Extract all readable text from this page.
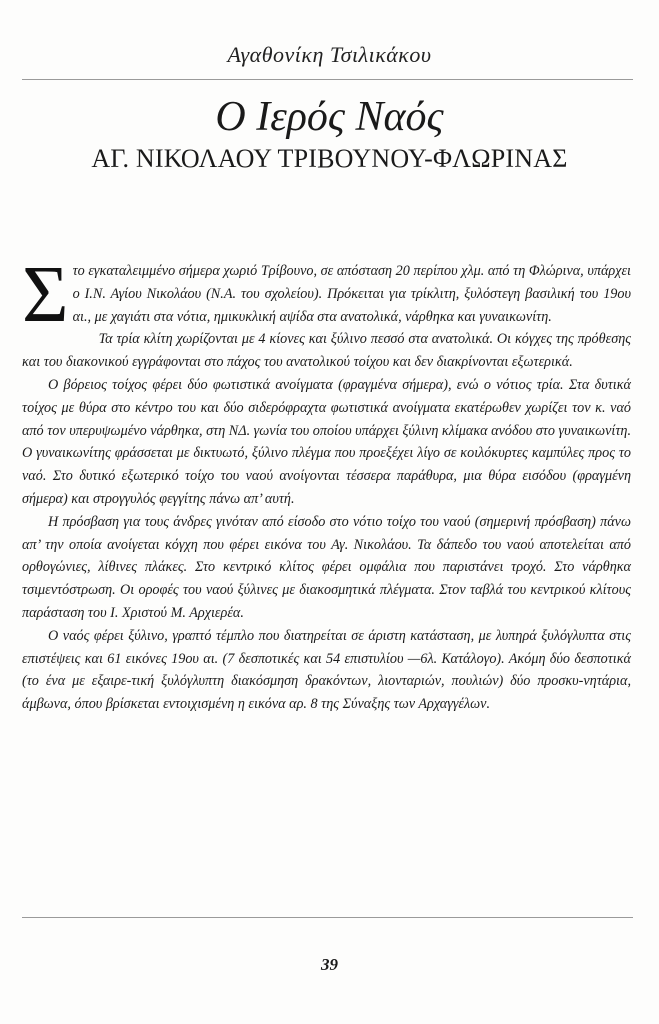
Αγαθονίκη Τσιλικάκου
Ο Ιερός Ναός
ΑΓ. ΝΙΚΟΛΑΟΥ ΤΡΙΒΟΥΝΟΥ-ΦΛΩΡΙΝΑΣ

Στο εγκαταλειμμένο σήμερα χωριό Τρίβουνο, σε απόσταση 20 περίπου χλμ. από τη Φλώρινα, υπάρχει ο Ι.Ν. Αγίου Νικολάου (Ν.Α. του σχολείου). Πρόκειται για τρίκλιτη, ξυλόστεγη βασιλική του 19ου αι., με χαγιάτι στα νότια, ημικυκλική αψίδα στα ανατολικά, νάρθηκα και γυναικωνίτη.

Τα τρία κλίτη χωρίζονται με 4 κίονες και ξύλινο πεσσό στα ανατολικά. Οι κόγχες της πρόθεσης και του διακονικού εγγράφονται στο πάχος του ανατολικού τοίχου και δεν διακρίνονται εξωτερικά.

Ο βόρειος τοίχος φέρει δύο φωτιστικά ανοίγματα (φραγμένα σήμερα), ενώ ο νότιος τρία. Στα δυτικά τοίχος με θύρα στο κέντρο του και δύο σιδερόφραχτα φωτιστικά ανοίγματα εκατέρωθεν χωρίζει τον κ. ναό από τον υπερυψωμένο νάρθηκα, στη ΝΔ. γωνία του οποίου υπάρχει ξύλινη κλίμακα ανόδου στο γυναικωνίτη. Ο γυναικωνίτης φράσσεται με δικτυωτό, ξύλινο πλέγμα που προεξέχει λίγο σε κοιλόκυρτες καμπύλες προς το ναό. Στο δυτικό εξωτερικό τοίχο του ναού ανοίγονται τέσσερα παράθυρα, μια θύρα εισόδου (φραγμένη σήμερα) και στρογγυλός φεγγίτης πάνω απ’ αυτή.

Η πρόσβαση για τους άνδρες γινόταν από είσοδο στο νότιο τοίχο του ναού (σημερινή πρόσβαση) πάνω απ’ την οποία ανοίγεται κόγχη που φέρει εικόνα του Αγ. Νικολάου. Τα δάπεδο του ναού αποτελείται από ορθογώνιες, λίθινες πλάκες. Στο κεντρικό κλίτος φέρει ομφάλια που παριστάνει τροχό. Στο νάρθηκα τσιμεντόστρωση. Οι οροφές του ναού ξύλινες με διακοσμητικά πλέγματα. Στον ταβλά του κεντρικού κλίτους παράσταση του Ι. Χριστού Μ. Αρχιερέα.

Ο ναός φέρει ξύλινο, γραπτό τέμπλο που διατηρείται σε άριστη κατάσταση, με λυπηρά ξυλόγλυπτα στις επιστέψεις και 61 εικόνες 19ου αι. (7 δεσποτικές και 54 επιστυλίου —6λ. Κατάλογο). Ακόμη δύο δεσποτικά (το ένα με εξαιρε-τική ξυλόγλυπτη διακόσμηση δρακόντων, λιονταριών, πουλιών) δύο προσκυ-νητάρια, άμβωνα, όπου βρίσκεται εντοιχισμένη η εικόνα αρ. 8 της Σύναξης των Αρχαγγέλων.

39
